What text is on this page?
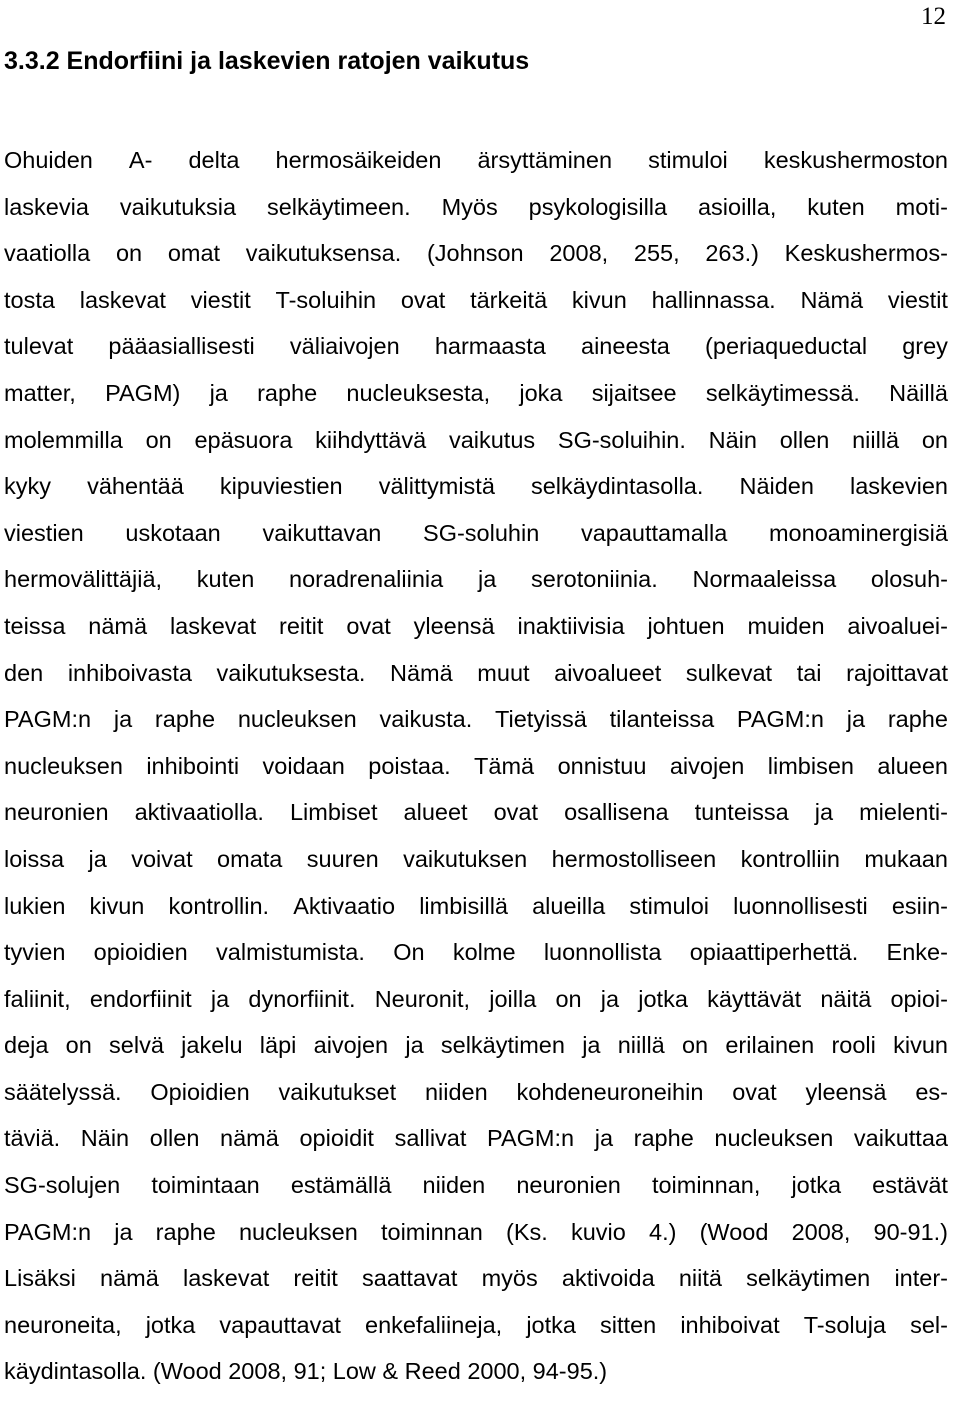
12
3.3.2 Endorfiini ja laskevien ratojen vaikutus
Ohuiden A- delta hermosäikeiden ärsyttäminen stimuloi keskushermoston
laskevia vaikutuksia selkäytimeen. Myös psykologisilla asioilla, kuten moti-
vaatiolla on omat vaikutuksensa. (Johnson 2008, 255, 263.) Keskushermos-
tosta laskevat viestit T-soluihin ovat tärkeitä kivun hallinnassa. Nämä viestit
tulevat pääasiallisesti väliaivojen harmaasta aineesta (periaqueductal grey
matter, PAGM) ja raphe nucleuksesta, joka sijaitsee selkäytimessä. Näillä
molemmilla on epäsuora kiihdyttävä vaikutus SG-soluihin. Näin ollen niillä on
kyky vähentää kipuviestien välittymistä selkäydintasolla. Näiden laskevien
viestien uskotaan vaikuttavan SG-soluhin vapauttamalla monoaminergisiä
hermovälittäjiä, kuten noradrenaliinia ja serotoniinia. Normaaleissa olosuh-
teissa nämä laskevat reitit ovat yleensä inaktiivisia johtuen muiden aivoaluei-
den inhiboivasta vaikutuksesta. Nämä muut aivoalueet sulkevat tai rajoittavat
PAGM:n ja raphe nucleuksen vaikusta. Tietyissä tilanteissa PAGM:n ja raphe
nucleuksen inhibointi voidaan poistaa. Tämä onnistuu aivojen limbisen alueen
neuronien aktivaatiolla. Limbiset alueet ovat osallisena tunteissa ja mielenti-
loissa ja voivat omata suuren vaikutuksen hermostolliseen kontrolliin mukaan
lukien kivun kontrollin. Aktivaatio limbisillä alueilla stimuloi luonnollisesti esiin-
tyvien opioidien valmistumista. On kolme luonnollista opiaattiperhettä. Enke-
faliinit, endorfiinit ja dynorfiinit. Neuronit, joilla on ja jotka käyttävät näitä opioi-
deja on selvä jakelu läpi aivojen ja selkäytimen ja niillä on erilainen rooli kivun
säätelyssä. Opioidien vaikutukset niiden kohdeneuroneihin ovat yleensä es-
täviä. Näin ollen nämä opioidit sallivat PAGM:n ja raphe nucleuksen vaikuttaa
SG-solujen toimintaan estämällä niiden neuronien toiminnan, jotka estävät
PAGM:n ja raphe nucleuksen toiminnan (Ks. kuvio 4.) (Wood 2008, 90-91.)
Lisäksi nämä laskevat reitit saattavat myös aktivoida niitä selkäytimen inter-
neuroneita, jotka vapauttavat enkefaliineja, jotka sitten inhiboivat T-soluja sel-
käydintasolla. (Wood 2008, 91; Low & Reed 2000, 94-95.)
